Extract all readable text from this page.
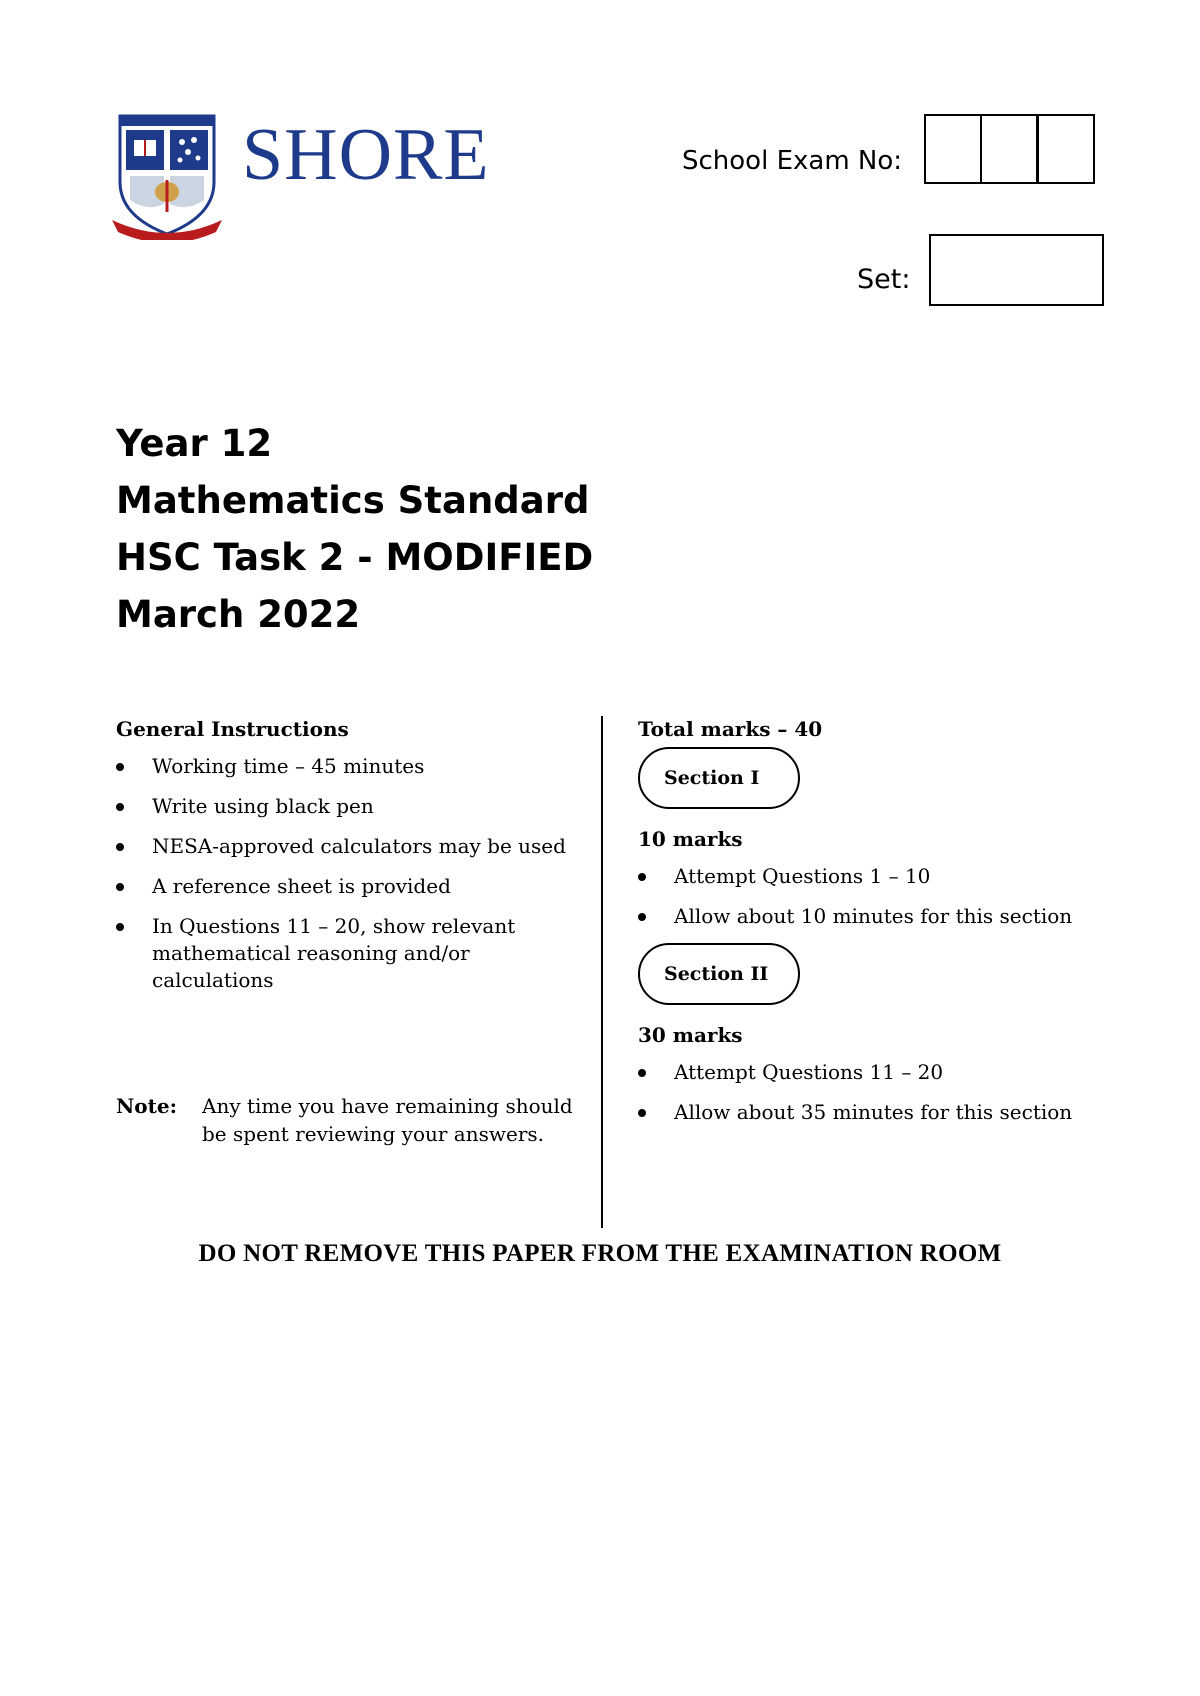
SHORE	School Exam No:
Set:
Year 12
Mathematics Standard
HSC Task 2 - MODIFIED
March 2022
General Instructions
Working time – 45 minutes
Write using black pen
NESA-approved calculators may be used
A reference sheet is provided
In Questions 11 – 20, show relevant mathematical reasoning and/or calculations
Note: Any time you have remaining should be spent reviewing your answers.
Total marks – 40
Section I
10 marks
Attempt Questions 1 – 10
Allow about 10 minutes for this section
Section II
30 marks
Attempt Questions 11 – 20
Allow about 35 minutes for this section
DO NOT REMOVE THIS PAPER FROM THE EXAMINATION ROOM
